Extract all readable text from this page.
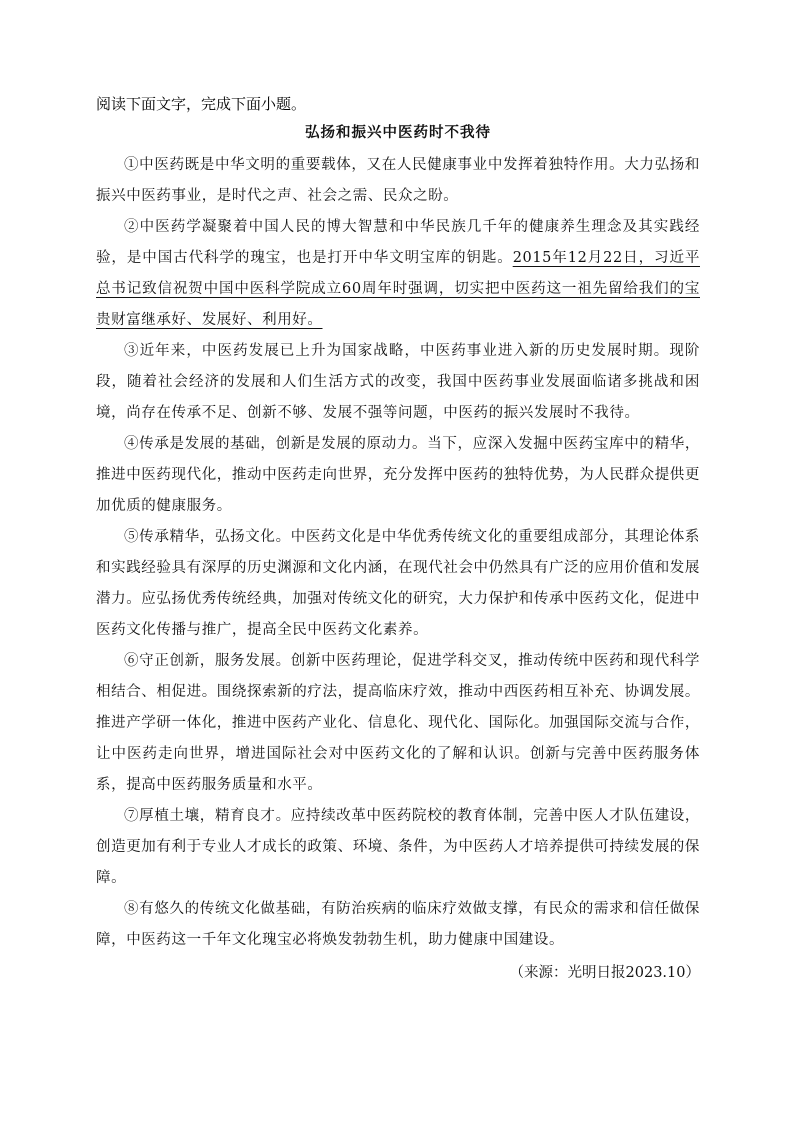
阅读下面文字，完成下面小题。

弘扬和振兴中医药时不我待

①中医药既是中华文明的重要载体，又在人民健康事业中发挥着独特作用。大力弘扬和振兴中医药事业，是时代之声、社会之需、民众之盼。

②中医药学凝聚着中国人民的博大智慧和中华民族几千年的健康养生理念及其实践经验，是中国古代科学的瑰宝，也是打开中华文明宝库的钥匙。2015年12月22日，习近平总书记致信祝贺中国中医科学院成立60周年时强调，切实把中医药这一祖先留给我们的宝贵财富继承好、发展好、利用好。

③近年来，中医药发展已上升为国家战略，中医药事业进入新的历史发展时期。现阶段，随着社会经济的发展和人们生活方式的改变，我国中医药事业发展面临诸多挑战和困境，尚存在传承不足、创新不够、发展不强等问题，中医药的振兴发展时不我待。

④传承是发展的基础，创新是发展的原动力。当下，应深入发掘中医药宝库中的精华，推进中医药现代化，推动中医药走向世界，充分发挥中医药的独特优势，为人民群众提供更加优质的健康服务。

⑤传承精华，弘扬文化。中医药文化是中华优秀传统文化的重要组成部分，其理论体系和实践经验具有深厚的历史渊源和文化内涵，在现代社会中仍然具有广泛的应用价值和发展潜力。应弘扬优秀传统经典，加强对传统文化的研究，大力保护和传承中医药文化，促进中医药文化传播与推广，提高全民中医药文化素养。

⑥守正创新，服务发展。创新中医药理论，促进学科交叉，推动传统中医药和现代科学相结合、相促进。围绕探索新的疗法，提高临床疗效，推动中西医药相互补充、协调发展。推进产学研一体化，推进中医药产业化、信息化、现代化、国际化。加强国际交流与合作，让中医药走向世界，增进国际社会对中医药文化的了解和认识。创新与完善中医药服务体系，提高中医药服务质量和水平。

⑦厚植土壤，精育良才。应持续改革中医药院校的教育体制，完善中医人才队伍建设，创造更加有利于专业人才成长的政策、环境、条件，为中医药人才培养提供可持续发展的保障。

⑧有悠久的传统文化做基础，有防治疾病的临床疗效做支撑，有民众的需求和信任做保障，中医药这一千年文化瑰宝必将焕发勃勃生机，助力健康中国建设。

（来源：光明日报2023.10）
